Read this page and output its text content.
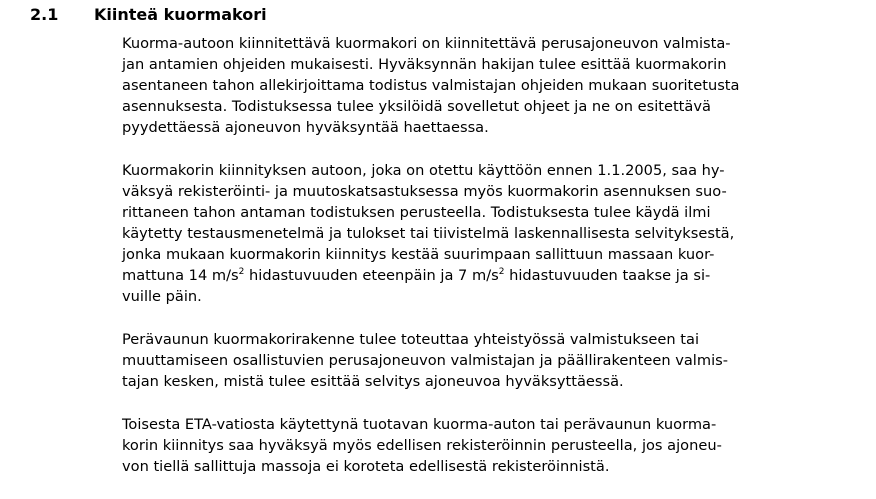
2.1 Kiinteä kuormakori

Kuorma-autoon kiinnitettävä kuormakori on kiinnitettävä perusajoneuvon valmista-
jan antamien ohjeiden mukaisesti. Hyväksynnän hakijan tulee esittää kuormakorin
asentaneen tahon allekirjoittama todistus valmistajan ohjeiden mukaan suoritetusta
asennuksesta. Todistuksessa tulee yksilöidä sovelletut ohjeet ja ne on esitettävä
pyydettäessä ajoneuvon hyväksyntää haettaessa.

Kuormakorin kiinnityksen autoon, joka on otettu käyttöön ennen 1.1.2005, saa hy-
väksyä rekisteröinti- ja muutoskatsastuksessa myös kuormakorin asennuksen suo-
rittaneen tahon antaman todistuksen perusteella. Todistuksesta tulee käydä ilmi
käytetty testausmenetelmä ja tulokset tai tiivistelmä laskennallisesta selvityksestä,
jonka mukaan kuormakorin kiinnitys kestää suurimpaan sallittuun massaan kuor-
mattuna 14 $m/s^2$ hidastuvuuden eteenpäin ja 7 $m/s^2$ hidastuvuuden taakse ja si-
vuille päin.

Perävaunun kuormakorirakenne tulee toteuttaa yhteistyössä valmistukseen tai
muuttamiseen osallistuvien perusajoneuvon valmistajan ja päällirakenteen valmis-
tajan kesken, mistä tulee esittää selvitys ajoneuvoa hyväksyttäessä.

Toisesta ETA-vatiosta käytettynä tuotavan kuorma-auton tai perävaunun kuorma-
korin kiinnitys saa hyväksyä myös edellisen rekisteröinnin perusteella, jos ajoneu-
von tiellä sallittuja massoja ei koroteta edellisestä rekisteröinnistä.
